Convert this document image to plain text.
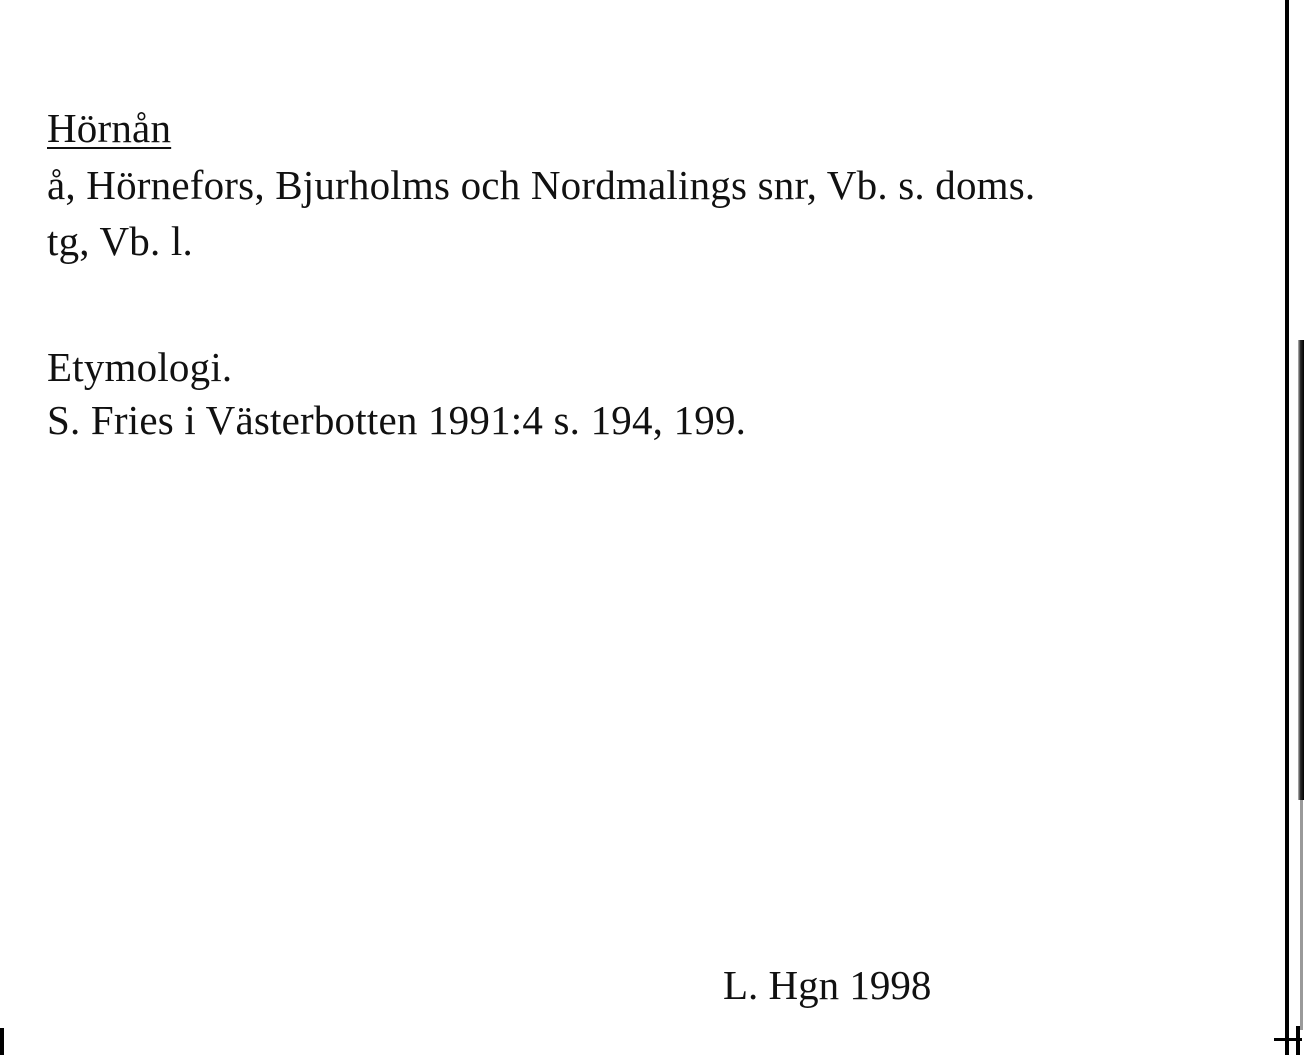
Hörnån
å, Hörnefors, Bjurholms och Nordmalings snr, Vb. s. doms.
tg, Vb. l.
Etymologi.
S. Fries i Västerbotten 1991:4 s. 194, 199.
L. Hgn 1998
